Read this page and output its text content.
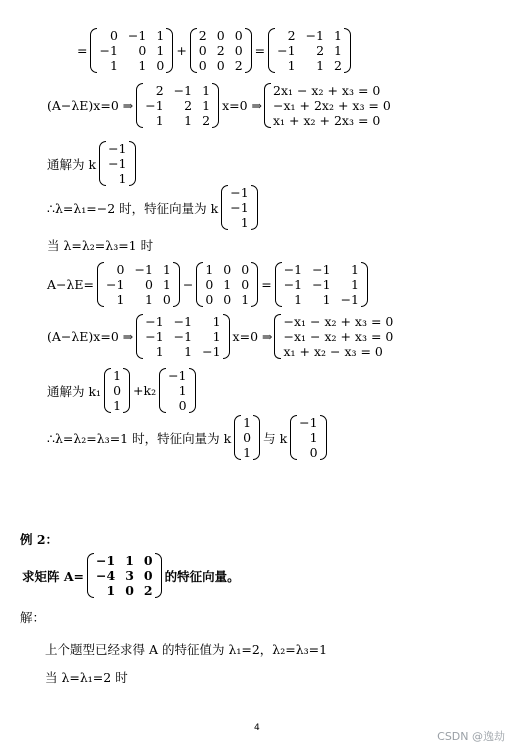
=
0 −1 1
−1	0 1
1	1 0
+
2 0 0
0 2 0
0 0 2
=
2 −1 1
−1	2 1
1	1 2
(A−λE)x=0 ⇒
2 −1 1
−1	2 1
1	1 2
x=0 ⇒
2x₁ − x₂ + x₃ = 0
−x₁ + 2x₂ + x₃ = 0
x₁ + x₂ + 2x₃ = 0
通解为 k
−1
−1
1
∴λ=λ₁=−2 时，特征向量为 k
−1
−1
1
当 λ=λ₂=λ₃=1 时
A−λE=
0 −1 1
−1	0 1
1	1 0
−
1 0 0
0 1 0
0 0 1
=
−1 −1	1
−1 −1	1
1	1 −1
(A−λE)x=0 ⇒
−1 −1	1
−1 −1	1
1	1 −1
x=0 ⇒
−x₁ − x₂ + x₃ = 0
−x₁ − x₂ + x₃ = 0
x₁ + x₂ − x₃ = 0
通解为 k₁
1
0
1
+k₂
−1
1
0
∴λ=λ₂=λ₃=1 时，特征向量为 k
1
0
1
与 k
−1
1
0
例 2：
求矩阵 A=
−1 1 0
−4 3 0
1 0 2
的特征向量。
解：
上个题型已经求得 A 的特征值为 λ₁=2，λ₂=λ₃=1
当 λ=λ₁=2 时
4
CSDN @逸劫
